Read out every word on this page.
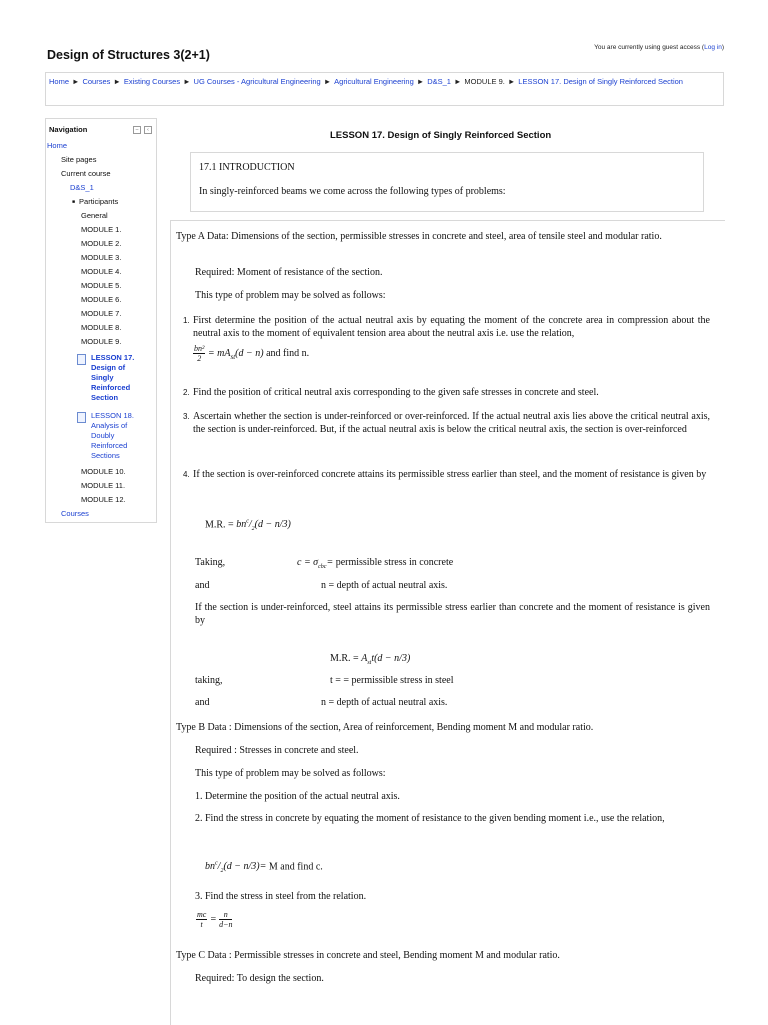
Design of Structures 3(2+1)
You are currently using guest access (Log in)
Home ► Courses ► Existing Courses ► UG Courses - Agricultural Engineering ► Agricultural Engineering ► D&S_1 ► MODULE 9. ► LESSON 17. Design of Singly Reinforced Section
Navigation	– ‹
Home
Site pages
Current course
D&S_1
■ Participants
General
MODULE 1.
MODULE 2.
MODULE 3.
MODULE 4.
MODULE 5.
MODULE 6.
MODULE 7.
MODULE 8.
MODULE 9.
LESSON 17.
Design of
Singly
Reinforced
Section
LESSON 18.
Analysis of
Doubly
Reinforced
Sections
MODULE 10.
MODULE 11.
MODULE 12.
Courses
LESSON 17. Design of Singly Reinforced Section
17.1 INTRODUCTION
In singly-reinforced beams we come across the following types of problems:
Type A Data: Dimensions of the section, permissible stresses in concrete and steel, area of tensile steel and modular ratio.
Required: Moment of resistance of the section.
This type of problem may be solved as follows:
1. First determine the position of the actual neutral axis by equating the moment of the concrete area in compression about the neutral axis to the moment of equivalent tension area about the neutral axis i.e. use the relation,
$\frac{\text{bn²}}{2} = mA_{st}(d - n)$ and find n.
2. Find the position of critical neutral axis corresponding to the given safe stresses in concrete and steel.
3. Ascertain whether the section is under-reinforced or over-reinforced. If the actual neutral axis lies above the critical neutral axis, the section is under-reinforced. But, if the actual neutral axis is below the critical neutral axis, the section is over-reinforced
4. If the section is over-reinforced concrete attains its permissible stress earlier than steel, and the moment of resistance is given by
M.R. = $bn^c/_2(d - n/3)$
Taking,	$c = \sigma_{cbc}=$ permissible stress in concrete
and	n = depth of actual neutral axis.
If the section is under-reinforced, steel attains its permissible stress earlier than concrete and the moment of resistance is given by
M.R. = $A_{st}t(d - n/3)$
taking,	t = = permissible stress in steel
and	n = depth of actual neutral axis.
Type B Data : Dimensions of the section, Area of reinforcement, Bending moment M and modular ratio.
Required : Stresses in concrete and steel.
This type of problem may be solved as follows:
1. Determine the position of the actual neutral axis.
2. Find the stress in concrete by equating the moment of resistance to the given bending moment i.e., use the relation,
$bn^c/_2(d - n/3)= M$ and find c.
3. Find the stress in steel from the relation.
$\frac{mc}{t} = \frac{n}{d-n}$
Type C Data : Permissible stresses in concrete and steel, Bending moment M and modular ratio.
Required: To design the section.
